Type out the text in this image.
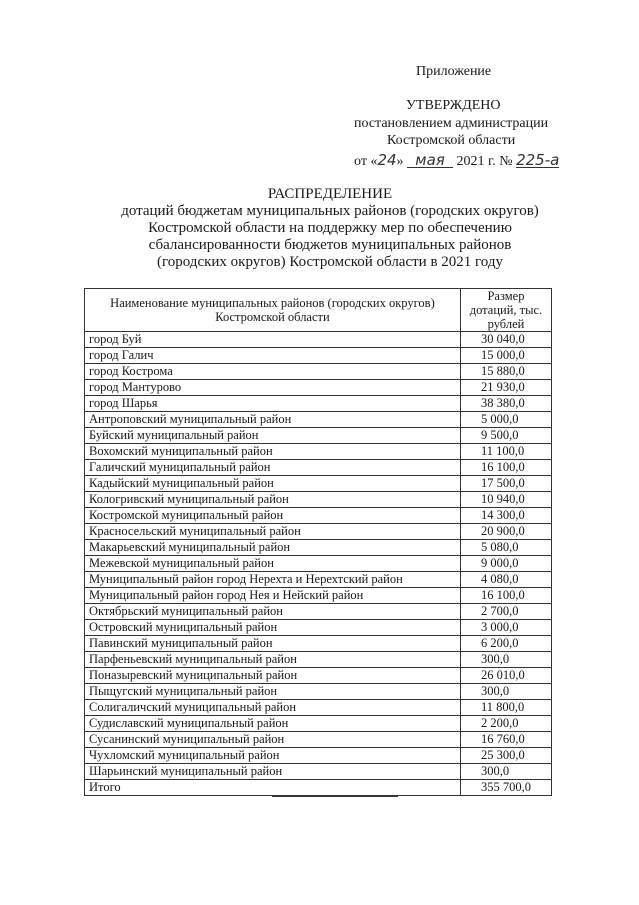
Приложение
УТВЕРЖДЕНО
постановлением администрации
Костромской области
от «24» мая 2021 г. № 225-а
РАСПРЕДЕЛЕНИЕ
дотаций бюджетам муниципальных районов (городских округов)
Костромской области на поддержку мер по обеспечению
сбалансированности бюджетов муниципальных районов
(городских округов) Костромской области в 2021 году
Наименование муниципальных районов (городских округов) Костромской области	Размер дотаций, тыс. рублей
город Буй	30 040,0
город Галич	15 000,0
город Кострома	15 880,0
город Мантурово	21 930,0
город Шарья	38 380,0
Антроповский муниципальный район	5 000,0
Буйский муниципальный район	9 500,0
Вохомский муниципальный район	11 100,0
Галичский муниципальный район	16 100,0
Кадыйский муниципальный район	17 500,0
Кологривский муниципальный район	10 940,0
Костромской муниципальный район	14 300,0
Красносельский муниципальный район	20 900,0
Макарьевский муниципальный район	5 080,0
Межевской муниципальный район	9 000,0
Муниципальный район город Нерехта и Нерехтский район	4 080,0
Муниципальный район город Нея и Нейский район	16 100,0
Октябрьский муниципальный район	2 700,0
Островский муниципальный район	3 000,0
Павинский муниципальный район	6 200,0
Парфеньевский муниципальный район	300,0
Поназыревский муниципальный район	26 010,0
Пыщугский муниципальный район	300,0
Солигаличский муниципальный район	11 800,0
Судиславский муниципальный район	2 200,0
Сусанинский муниципальный район	16 760,0
Чухломский муниципальный район	25 300,0
Шарьинский муниципальный район	300,0
Итого	355 700,0
